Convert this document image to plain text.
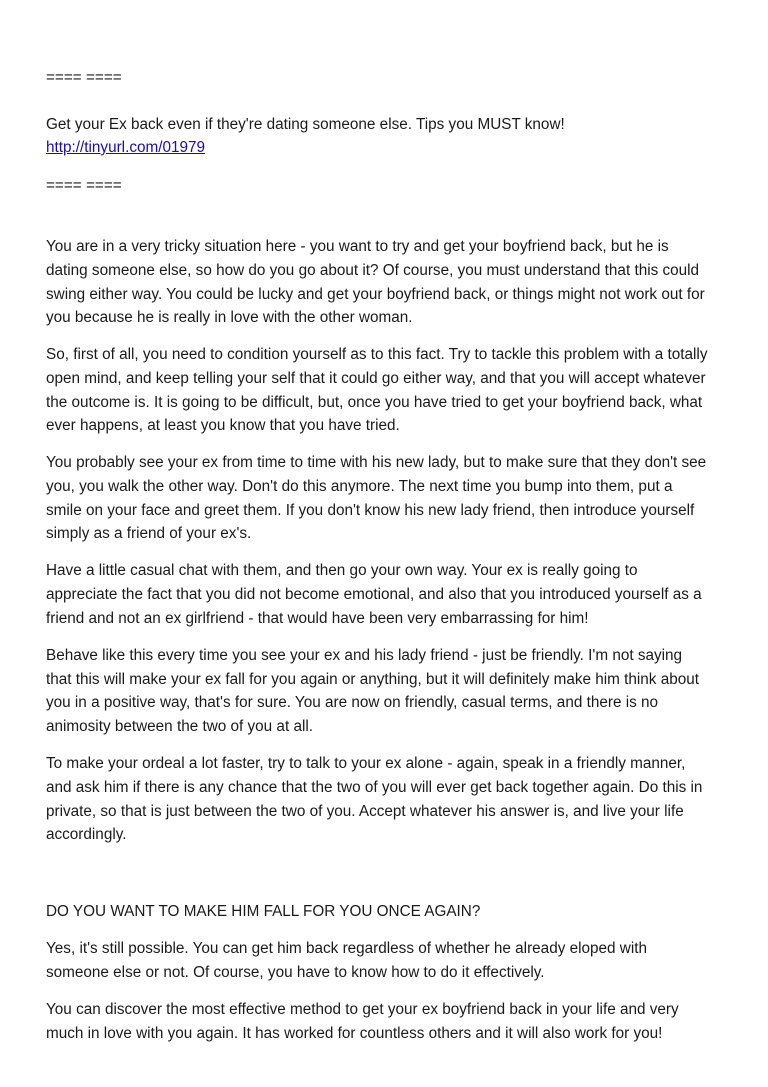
==== ====
Get your Ex back even if they're dating someone else. Tips you MUST know!
http://tinyurl.com/01979
==== ====
You are in a very tricky situation here - you want to try and get your boyfriend back, but he is
dating someone else, so how do you go about it? Of course, you must understand that this could
swing either way. You could be lucky and get your boyfriend back, or things might not work out for
you because he is really in love with the other woman.
So, first of all, you need to condition yourself as to this fact. Try to tackle this problem with a totally
open mind, and keep telling your self that it could go either way, and that you will accept whatever
the outcome is. It is going to be difficult, but, once you have tried to get your boyfriend back, what
ever happens, at least you know that you have tried.
You probably see your ex from time to time with his new lady, but to make sure that they don't see
you, you walk the other way. Don't do this anymore. The next time you bump into them, put a
smile on your face and greet them. If you don't know his new lady friend, then introduce yourself
simply as a friend of your ex's.
Have a little casual chat with them, and then go your own way. Your ex is really going to
appreciate the fact that you did not become emotional, and also that you introduced yourself as a
friend and not an ex girlfriend - that would have been very embarrassing for him!
Behave like this every time you see your ex and his lady friend - just be friendly. I'm not saying
that this will make your ex fall for you again or anything, but it will definitely make him think about
you in a positive way, that's for sure. You are now on friendly, casual terms, and there is no
animosity between the two of you at all.
To make your ordeal a lot faster, try to talk to your ex alone - again, speak in a friendly manner,
and ask him if there is any chance that the two of you will ever get back together again. Do this in
private, so that is just between the two of you. Accept whatever his answer is, and live your life
accordingly.
DO YOU WANT TO MAKE HIM FALL FOR YOU ONCE AGAIN?
Yes, it's still possible. You can get him back regardless of whether he already eloped with
someone else or not. Of course, you have to know how to do it effectively.
You can discover the most effective method to get your ex boyfriend back in your life and very
much in love with you again. It has worked for countless others and it will also work for you!
